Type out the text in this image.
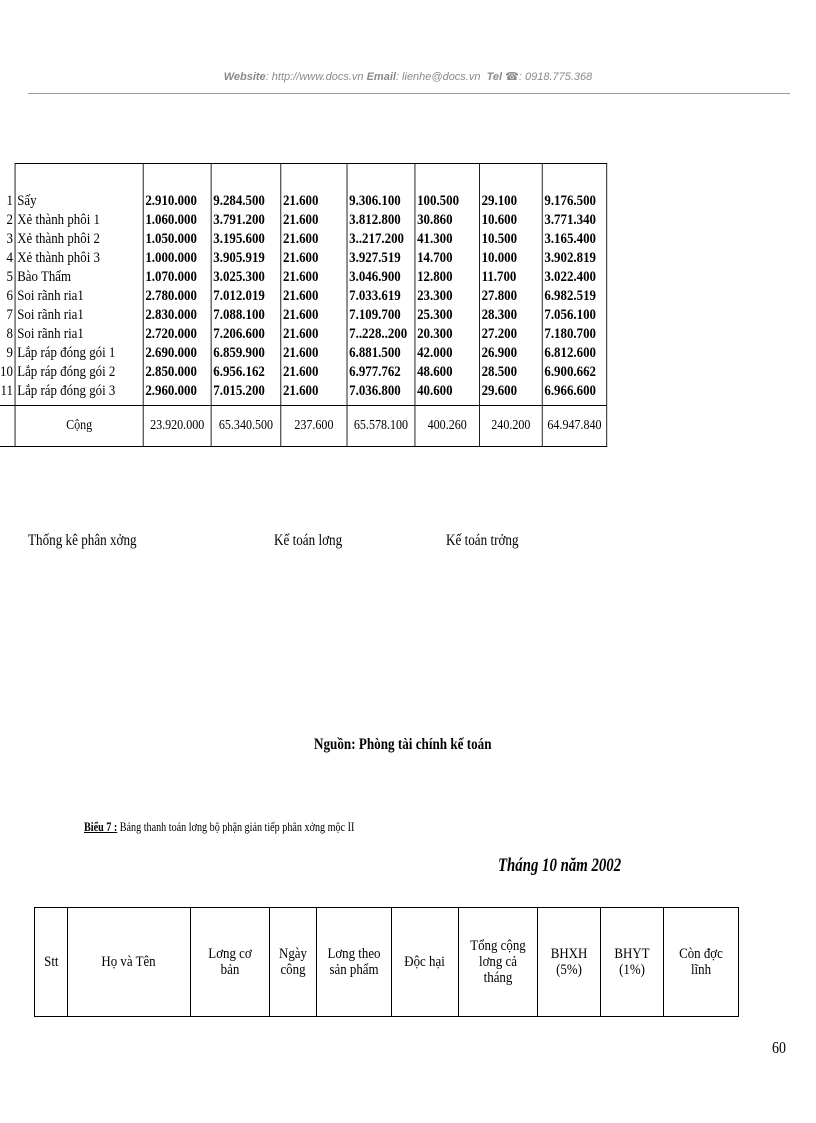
Website: http://www.docs.vn Email: lienhe@docs.vn Tel ☎: 0918.775.368

1	Sấy	2.910.000	9.284.500	21.600	9.306.100	100.500	29.100	9.176.500
2	Xẻ thành phôi 1	1.060.000	3.791.200	21.600	3.812.800	30.860	10.600	3.771.340
3	Xẻ thành phôi 2	1.050.000	3.195.600	21.600	3..217.200	41.300	10.500	3.165.400
4	Xẻ thành phôi 3	1.000.000	3.905.919	21.600	3.927.519	14.700	10.000	3.902.819
5	Bào Thẩm	1.070.000	3.025.300	21.600	3.046.900	12.800	11.700	3.022.400
6	Soi rãnh ria1	2.780.000	7.012.019	21.600	7.033.619	23.300	27.800	6.982.519
7	Soi rãnh ria1	2.830.000	7.088.100	21.600	7.109.700	25.300	28.300	7.056.100
8	Soi rãnh ria1	2.720.000	7.206.600	21.600	7..228..200	20.300	27.200	7.180.700
9	Lắp ráp đóng gói 1	2.690.000	6.859.900	21.600	6.881.500	42.000	26.900	6.812.600
10	Lắp ráp đóng gói 2	2.850.000	6.956.162	21.600	6.977.762	48.600	28.500	6.900.662
11	Lắp ráp đóng gói 3	2.960.000	7.015.200	21.600	7.036.800	40.600	29.600	6.966.600
	Cộng	23.920.000	65.340.500	237.600	65.578.100	400.260	240.200	64.947.840
Thống kê phân xởng	Kế toán lơng	Kế toán trởng
Nguồn: Phòng tài chính kế toán
Biểu 7 : Bảng thanh toán lơng bộ phận gián tiếp phân xởng mộc II
Tháng 10 năm 2002
Stt	Họ và Tên	Lơng cơ bản	Ngày công	Lơng theo sản phẩm	Độc hại	Tổng cộng lơng cả tháng	BHXH (5%)	BHYT (1%)	Còn đợc lĩnh
60
